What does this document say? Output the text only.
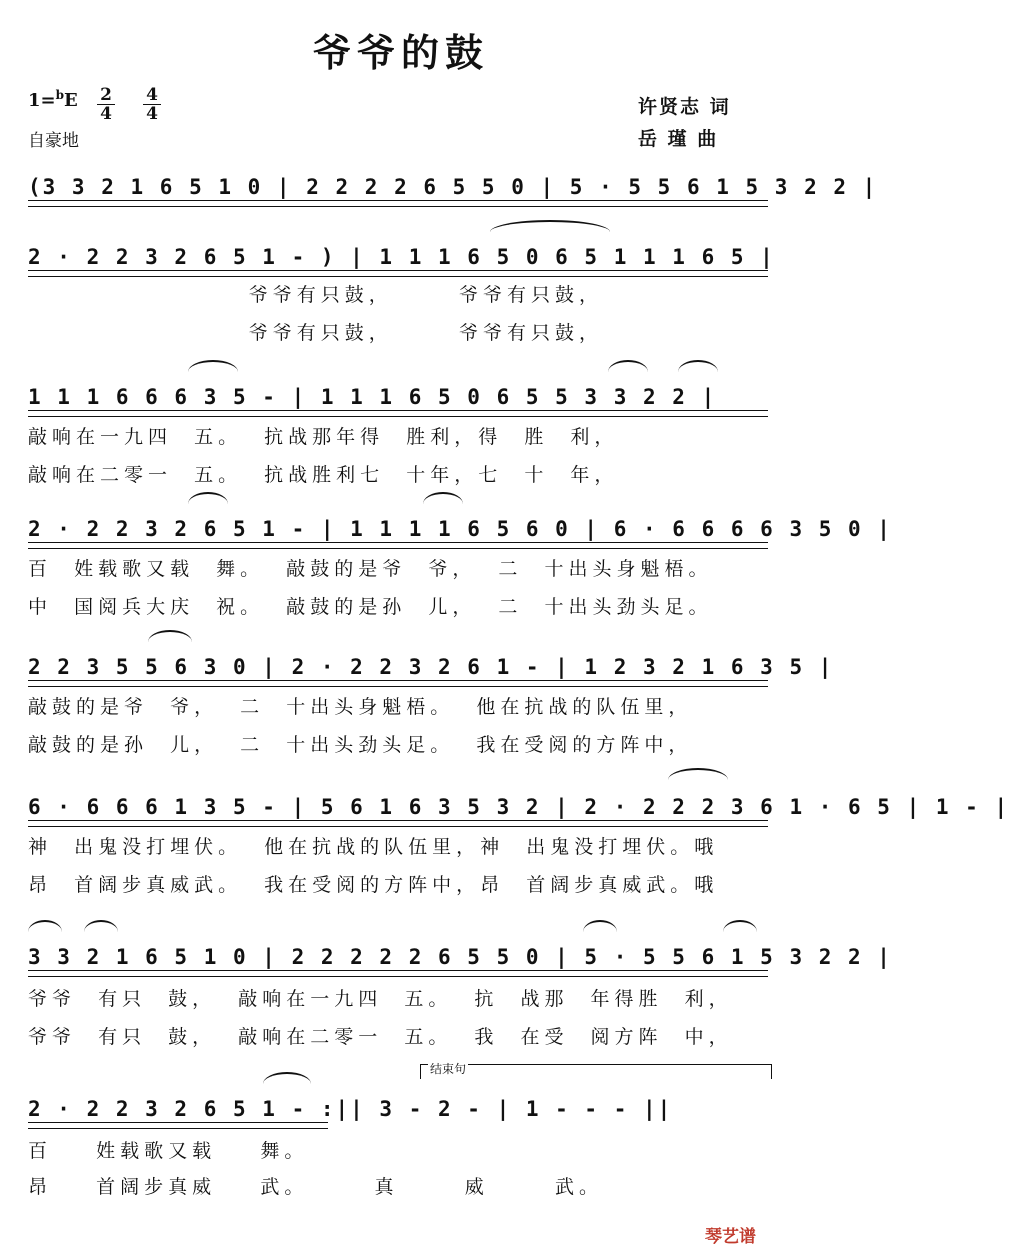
爷爷的鼓
1=$^b$E 2
4
4
4
自豪地
许贤志 词
岳 瑾 曲
(3 3 2 1 6 5 1 0 | 2 2 2 2 6 5 5 0 | 5 · 5 5 6 1 5 3 2 2 |
2 · 2 2 3 2 6 5 1 - ) | 1 1 1 6 5 0 6 5 1 1 1 6 5 |
爷爷有只鼓，      爷爷有只鼓，
爷爷有只鼓，      爷爷有只鼓，
1 1 1 6 6 6 3 5 - | 1 1 1 6 5 0 6 5 5 3 3 2 2 |
敲响在一九四  五。  抗战那年得  胜利，得  胜  利，
敲响在二零一  五。  抗战胜利七  十年，七  十  年，
2 · 2 2 3 2 6 5 1 - | 1 1 1 1 6 5 6 0 | 6 · 6 6 6 6 3 5 0 |
百  姓载歌又载  舞。  敲鼓的是爷  爷，  二  十出头身魁梧。
中  国阅兵大庆  祝。  敲鼓的是孙  儿，  二  十出头劲头足。
2 2 3 5 5 6 3 0 | 2 · 2 2 3 2 6 1 - | 1 2 3 2 1 6 3 5 |
敲鼓的是爷  爷，  二  十出头身魁梧。  他在抗战的队伍里，
敲鼓的是孙  儿，  二  十出头劲头足。  我在受阅的方阵中，
6 · 6 6 6 1 3 5 - | 5 6 1 6 3 5 3 2 | 2 · 2 2 2 3 6 1 · 6 5 | 1 - |
神  出鬼没打埋伏。  他在抗战的队伍里，神  出鬼没打埋伏。哦
昂  首阔步真威武。  我在受阅的方阵中，昂  首阔步真威武。哦
3 3 2 1 6 5 1 0 | 2 2 2 2 2 6 5 5 0 | 5 · 5 5 6 1 5 3 2 2 |
爷爷  有只  鼓，  敲响在一九四  五。  抗  战那  年得胜  利，
爷爷  有只  鼓，  敲响在二零一  五。  我  在受  阅方阵  中，
结束句
2 · 2 2 3 2 6 5 1 - :|| 3 - 2 - | 1 - - - ||
百    姓载歌又载    舞。
昂    首阔步真威    武。      真      威      武。
琴艺谱
